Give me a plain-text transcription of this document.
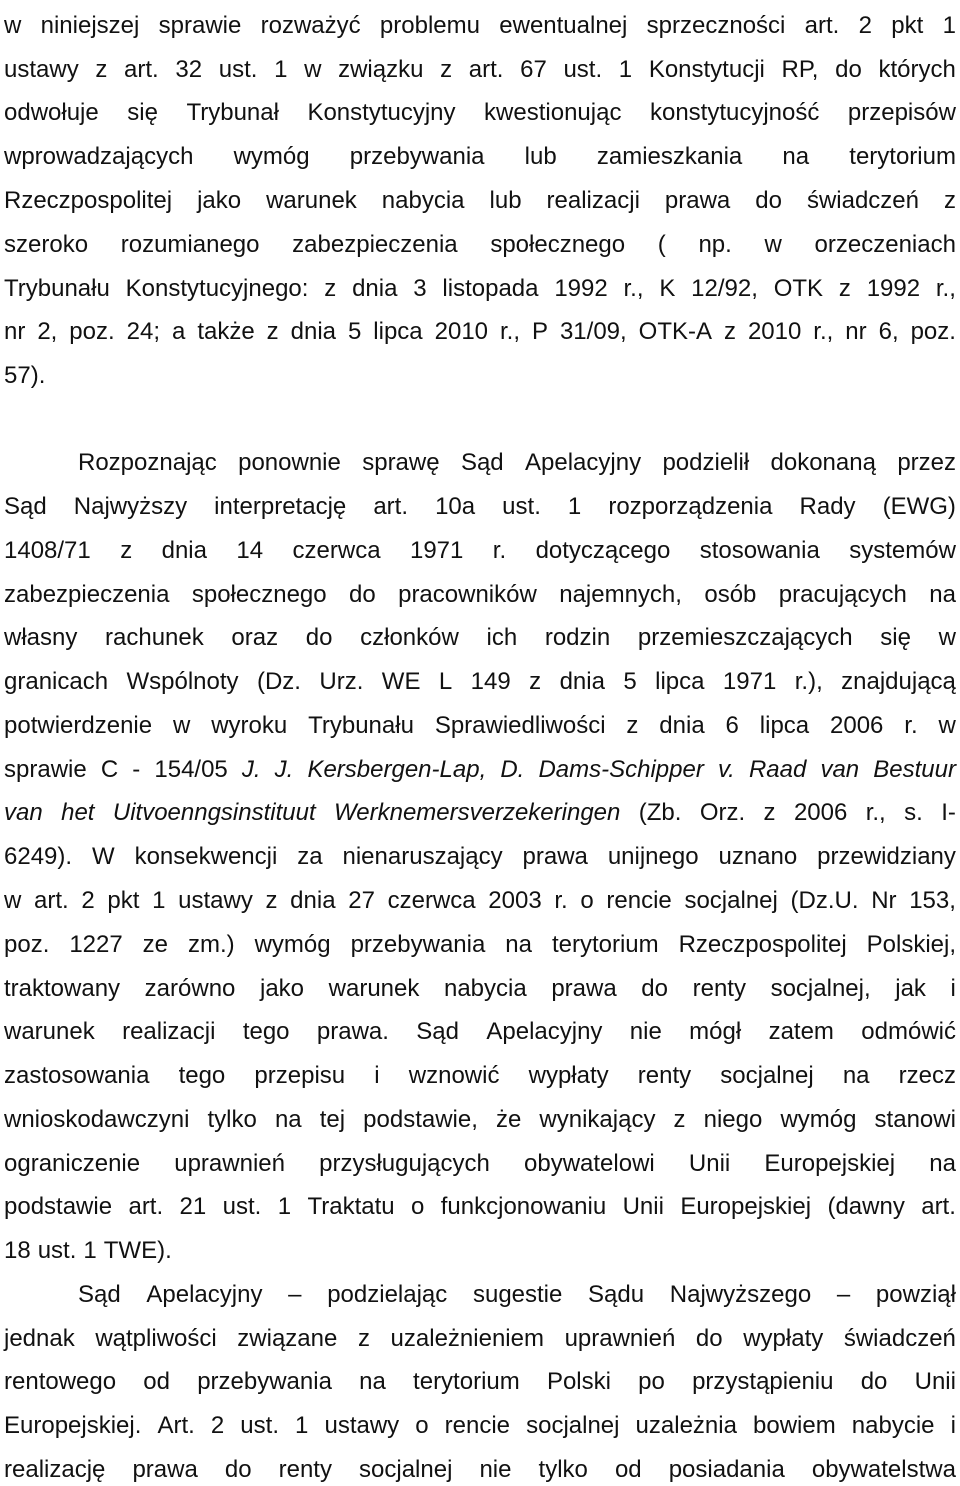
w niniejszej sprawie rozważyć problemu ewentualnej sprzeczności art. 2 pkt 1
ustawy z art. 32 ust. 1 w związku z art. 67 ust. 1 Konstytucji RP, do których
odwołuje się Trybunał Konstytucyjny kwestionując konstytucyjność przepisów
wprowadzających wymóg przebywania lub zamieszkania na terytorium
Rzeczpospolitej jako warunek nabycia lub realizacji prawa do świadczeń z
szeroko rozumianego zabezpieczenia społecznego ( np. w orzeczeniach
Trybunału Konstytucyjnego: z dnia 3 listopada 1992 r., K 12/92, OTK z 1992 r.,
nr 2, poz. 24; a także z dnia 5 lipca 2010 r., P 31/09, OTK-A z 2010 r., nr 6, poz.
57).
Rozpoznając ponownie sprawę Sąd Apelacyjny podzielił dokonaną przez
Sąd Najwyższy interpretację art. 10a ust. 1 rozporządzenia Rady (EWG)
1408/71 z dnia 14 czerwca 1971 r. dotyczącego stosowania systemów
zabezpieczenia społecznego do pracowników najemnych, osób pracujących na
własny rachunek oraz do członków ich rodzin przemieszczających się w
granicach Wspólnoty (Dz. Urz. WE L 149 z dnia 5 lipca 1971 r.), znajdującą
potwierdzenie w wyroku Trybunału Sprawiedliwości z dnia 6 lipca 2006 r. w
sprawie C - 154/05 J. J. Kersbergen-Lap, D. Dams-Schipper v. Raad van Bestuur
van het Uitvoenngsinstituut Werknemersverzekeringen (Zb. Orz. z 2006 r., s. I-
6249). W konsekwencji za nienaruszający prawa unijnego uznano przewidziany
w art. 2 pkt 1 ustawy z dnia 27 czerwca 2003 r. o rencie socjalnej (Dz.U. Nr 153,
poz. 1227 ze zm.) wymóg przebywania na terytorium Rzeczpospolitej Polskiej,
traktowany zarówno jako warunek nabycia prawa do renty socjalnej, jak i
warunek realizacji tego prawa. Sąd Apelacyjny nie mógł zatem odmówić
zastosowania tego przepisu i wznowić wypłaty renty socjalnej na rzecz
wnioskodawczyni tylko na tej podstawie, że wynikający z niego wymóg stanowi
ograniczenie uprawnień przysługujących obywatelowi Unii Europejskiej na
podstawie art. 21 ust. 1 Traktatu o funkcjonowaniu Unii Europejskiej (dawny art.
18 ust. 1 TWE).
Sąd Apelacyjny – podzielając sugestie Sądu Najwyższego – powziął
jednak wątpliwości związane z uzależnieniem uprawnień do wypłaty świadczeń
rentowego od przebywania na terytorium Polski po przystąpieniu do Unii
Europejskiej. Art. 2 ust. 1 ustawy o rencie socjalnej uzależnia bowiem nabycie i
realizację prawa do renty socjalnej nie tylko od posiadania obywatelstwa
